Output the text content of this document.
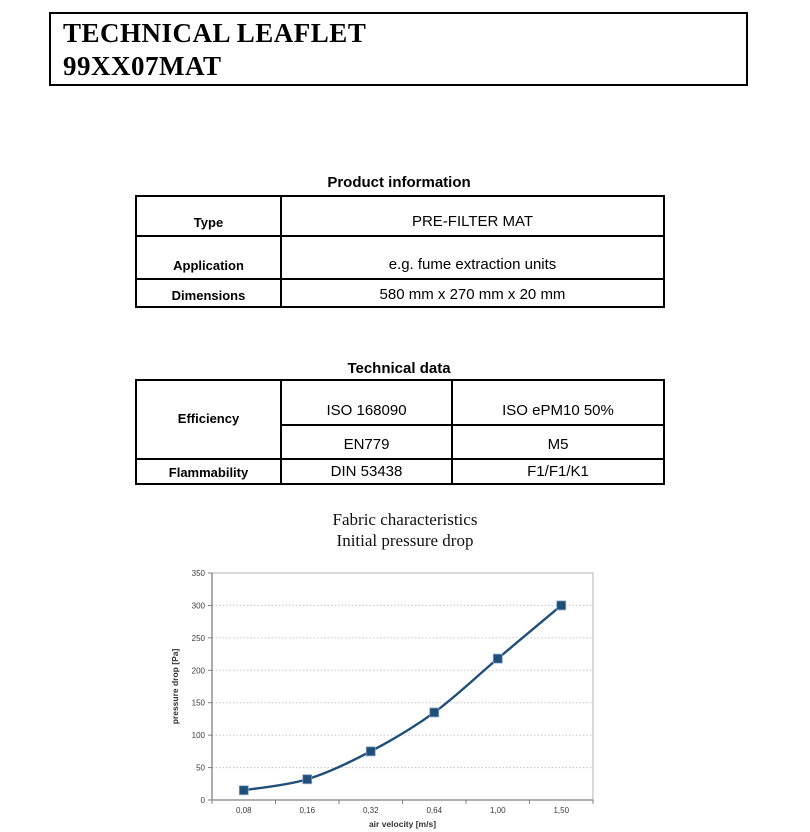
TECHNICAL LEAFLET
99XX07MAT
Product information
Type	PRE-FILTER MAT
Application	e.g. fume extraction units
Dimensions	580 mm x 270 mm x 20 mm
Technical data
Efficiency	ISO 168090	ISO ePM10 50%
	EN779	M5
Flammability	DIN 53438	F1/F1/K1
Fabric characteristics
Initial pressure drop
0
50
100
150
200
250
300
350
0,08	0,16	0,32	0,64	1,00	1,50
pressure drop [Pa]
air velocity [m/s]
